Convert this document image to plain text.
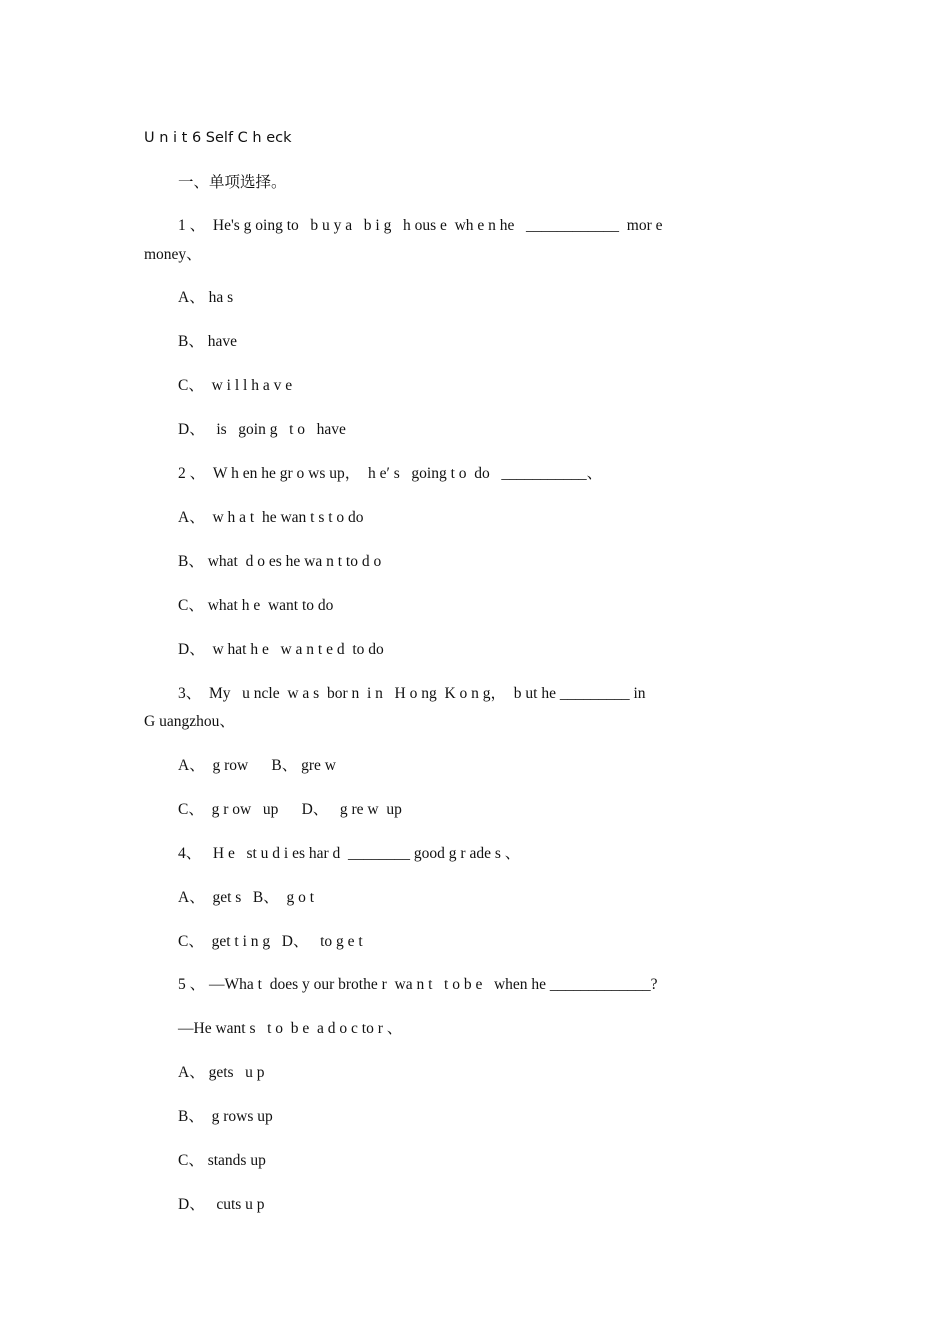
U n i t 6 Self C h eck
一、单项选择。
1 、  He's g oing to   b u y a   b i g   h ous e  wh e n he   ____________  mor e
money、
A、 ha s
B、 have
C、  w i l l h a v e
D、   is   goin g   t o   have
2 、  W h en he gr o ws up，  h e′ s   going t o  do   ___________、
A、  w h a t  he wan t s t o do
B、 what  d o es he wa n t to d o
C、 what h e  want to do
D、  w hat h e   w a n t e d  to do
3、  My   u ncle  w a s  bor n  i n   H o ng  K o n g，  b ut he _________ in
G uangzhou、
A、  g row      B、 gre w
C、  g r ow   up      D、   g re w  up
4、   H e   st u d i es har d  ________ good g r ade s 、
A、  get s   B、  g o t
C、  get t i n g   D、   to g e t
5 、 —Wha t  does y our brothe r  wa n t   t o b e   when he _____________?
—He want s   t o  b e  a d o c to r 、
A、 gets   u p
B、  g rows up
C、 stands up
D、   cuts u p
